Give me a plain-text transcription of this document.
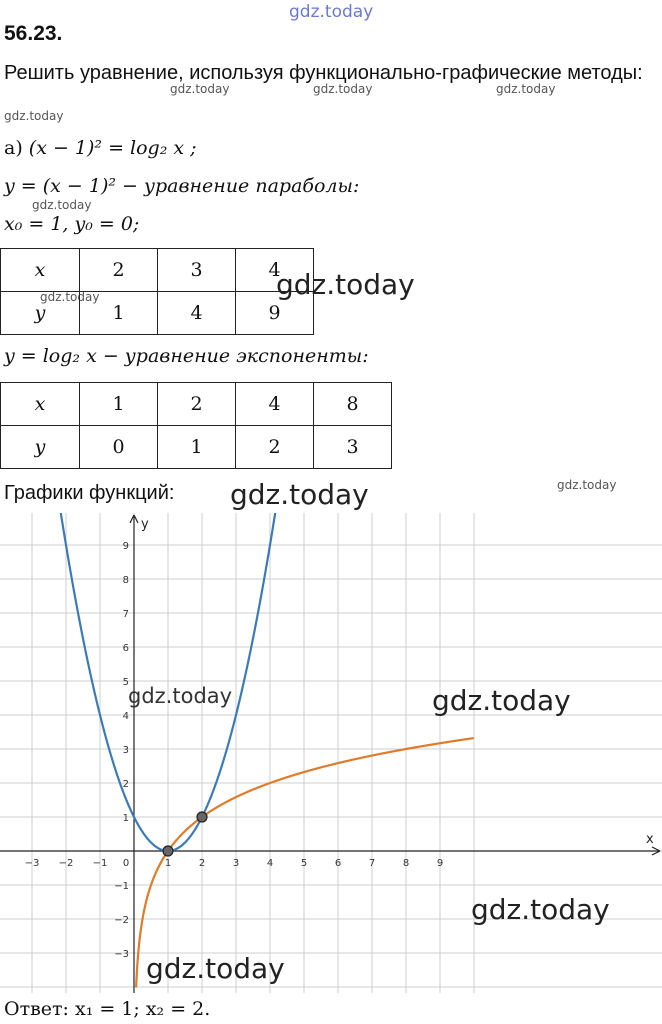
gdz.today
gdz.today	gdz.today	gdz.today
gdz.today
gdz.today
gdz.today	gdz.today
gdz.today
gdz.today
56.23.
Решить уравнение, используя функционально-графические методы:
а) (x − 1)² = log₂ x ;
y = (x − 1)² − уравнение параболы:
x₀ = 1, y₀ = 0;
x	2	3	4
y	1	4	9
y = log₂ x − уравнение экспоненты:
x	1	2	4	8
y	0	1	2	3
Графики функций:
x
y
−3 −2 −1	1	2	3	4	5	6	7	8	9
0
−3
−2
−1
1
2
3
4
5
6
7
8
9
gdz.today	gdz.today
gdz.today
gdz.today
Ответ: x₁ = 1; x₂ = 2.
